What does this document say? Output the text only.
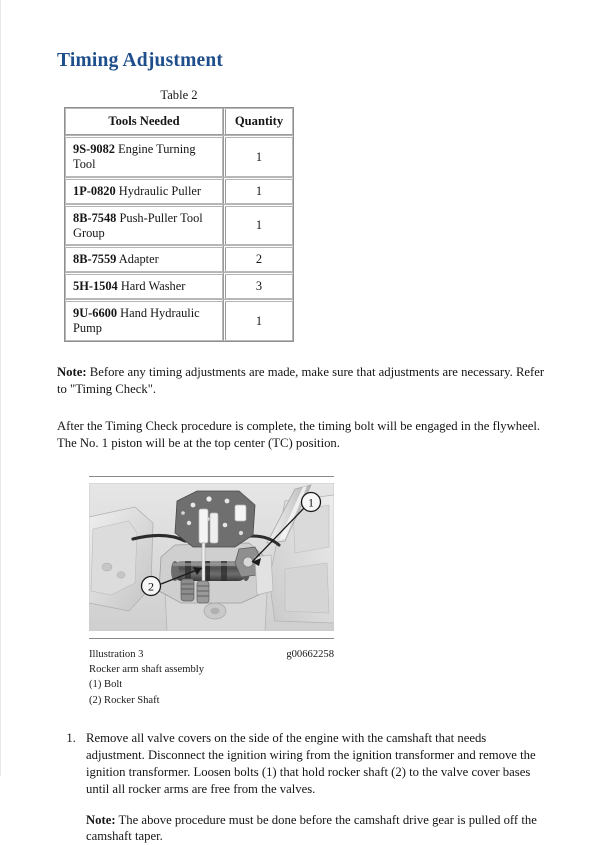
Timing Adjustment
Table 2
Tools Needed	Quantity
9S-9082 Engine Turning Tool	1
1P-0820 Hydraulic Puller	1
8B-7548 Push-Puller Tool Group	1
8B-7559 Adapter	2
5H-1504 Hard Washer	3
9U-6600 Hand Hydraulic Pump	1

Note: Before any timing adjustments are made, make sure that adjustments are necessary. Refer to "Timing Check".

After the Timing Check procedure is complete, the timing bolt will be engaged in the flywheel. The No. 1 piston will be at the top center (TC) position.

1
2
Illustration 3	g00662258
Rocker arm shaft assembly
(1) Bolt
(2) Rocker Shaft
1. Remove all valve covers on the side of the engine with the camshaft that needs adjustment. Disconnect the ignition wiring from the ignition transformer and remove the ignition transformer. Loosen bolts (1) that hold rocker shaft (2) to the valve cover bases until all rocker arms are free from the valves.
Note: The above procedure must be done before the camshaft drive gear is pulled off the camshaft taper.
